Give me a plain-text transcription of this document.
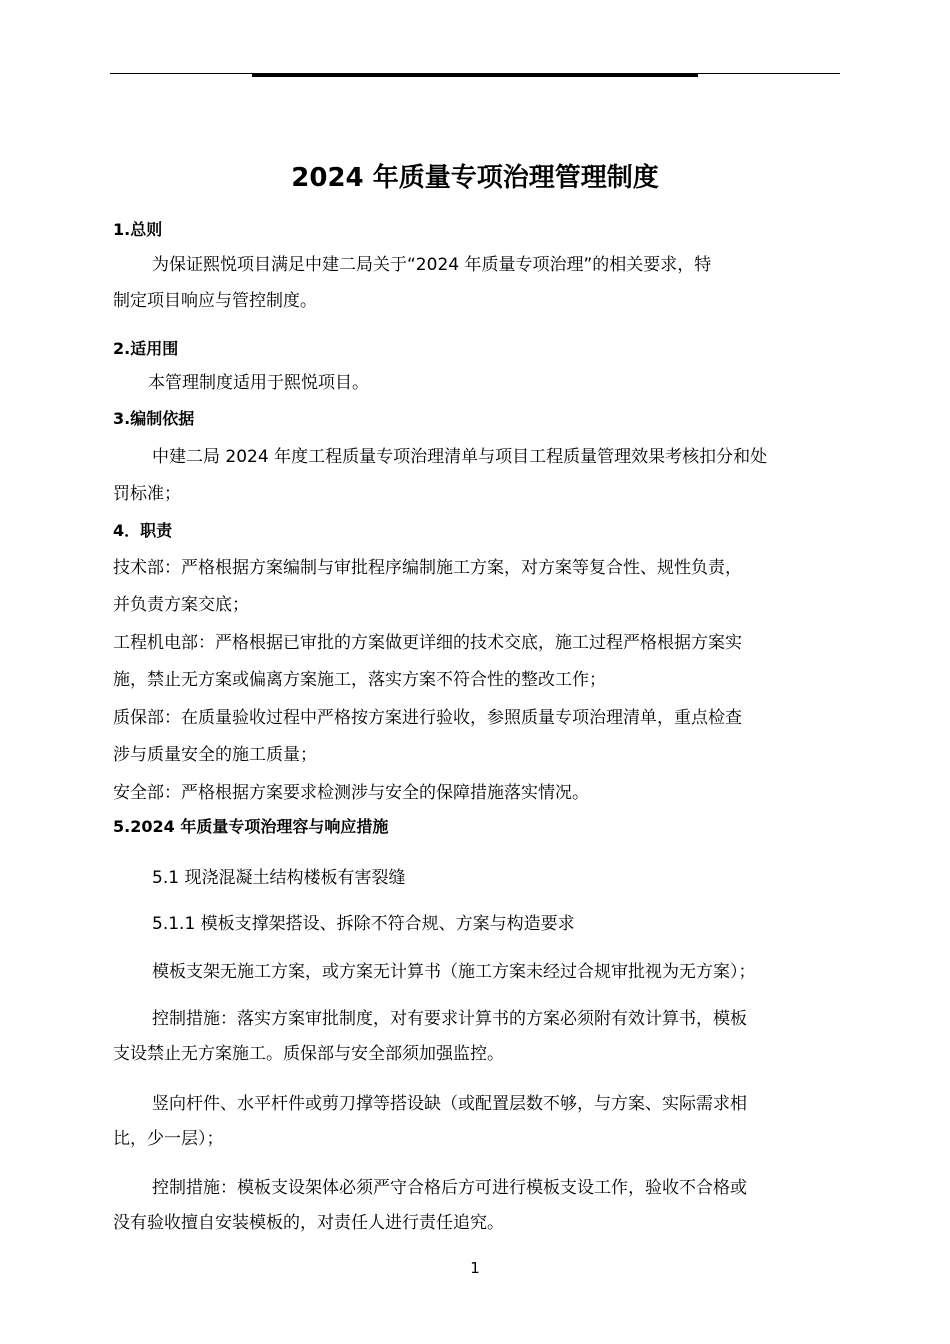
2024 年质量专项治理管理制度
1.总则
为保证熙悦项目满足中建二局关于“2024 年质量专项治理”的相关要求，特
制定项目响应与管控制度。
2.适用围
本管理制度适用于熙悦项目。
3.编制依据
中建二局 2024 年度工程质量专项治理清单与项目工程质量管理效果考核扣分和处
罚标准；
4．职责
技术部：严格根据方案编制与审批程序编制施工方案，对方案等复合性、规性负责，
并负责方案交底；
工程机电部：严格根据已审批的方案做更详细的技术交底，施工过程严格根据方案实
施，禁止无方案或偏离方案施工，落实方案不符合性的整改工作；
质保部：在质量验收过程中严格按方案进行验收，参照质量专项治理清单，重点检查
涉与质量安全的施工质量；
安全部：严格根据方案要求检测涉与安全的保障措施落实情况。
5.2024 年质量专项治理容与响应措施
5.1 现浇混凝土结构楼板有害裂缝
5.1.1 模板支撑架搭设、拆除不符合规、方案与构造要求
模板支架无施工方案，或方案无计算书（施工方案未经过合规审批视为无方案）；
控制措施：落实方案审批制度，对有要求计算书的方案必须附有效计算书，模板
支设禁止无方案施工。质保部与安全部须加强监控。
竖向杆件、水平杆件或剪刀撑等搭设缺（或配置层数不够，与方案、实际需求相
比，少一层）；
控制措施：模板支设架体必须严守合格后方可进行模板支设工作，验收不合格或
没有验收擅自安装模板的，对责任人进行责任追究。
1
